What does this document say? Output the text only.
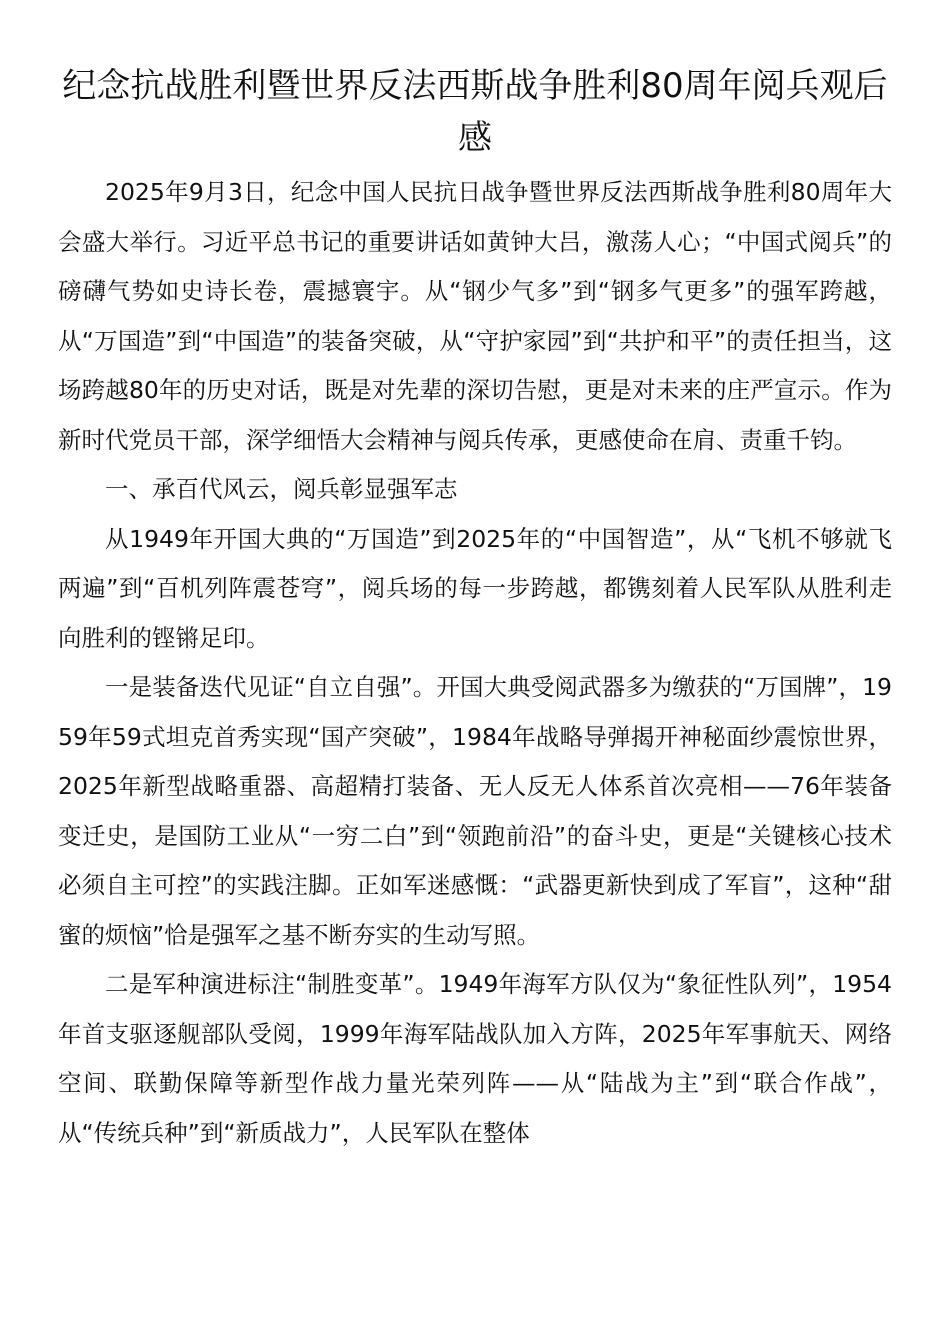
纪念抗战胜利暨世界反法西斯战争胜利80周年阅兵观后感

2025年9月3日，纪念中国人民抗日战争暨世界反法西斯战争胜利80周年大会盛大举行。习近平总书记的重要讲话如黄钟大吕，激荡人心；“中国式阅兵”的磅礴气势如史诗长卷，震撼寰宇。从“钢少气多”到“钢多气更多”的强军跨越，从“万国造”到“中国造”的装备突破，从“守护家园”到“共护和平”的责任担当，这场跨越80年的历史对话，既是对先辈的深切告慰，更是对未来的庄严宣示。作为新时代党员干部，深学细悟大会精神与阅兵传承，更感使命在肩、责重千钧。

一、承百代风云，阅兵彰显强军志

从1949年开国大典的“万国造”到2025年的“中国智造”，从“飞机不够就飞两遍”到“百机列阵震苍穹”，阅兵场的每一步跨越，都镌刻着人民军队从胜利走向胜利的铿锵足印。

一是装备迭代见证“自立自强”。开国大典受阅武器多为缴获的“万国牌”，1959年59式坦克首秀实现“国产突破”，1984年战略导弹揭开神秘面纱震惊世界，2025年新型战略重器、高超精打装备、无人反无人体系首次亮相——76年装备变迁史，是国防工业从“一穷二白”到“领跑前沿”的奋斗史，更是“关键核心技术必须自主可控”的实践注脚。正如军迷感慨：“武器更新快到成了军盲”，这种“甜蜜的烦恼”恰是强军之基不断夯实的生动写照。

二是军种演进标注“制胜变革”。1949年海军方队仅为“象征性队列”，1954年首支驱逐舰部队受阅，1999年海军陆战队加入方阵，2025年军事航天、网络空间、联勤保障等新型作战力量光荣列阵——从“陆战为主”到“联合作战”，从“传统兵种”到“新质战力”，人民军队在整体
